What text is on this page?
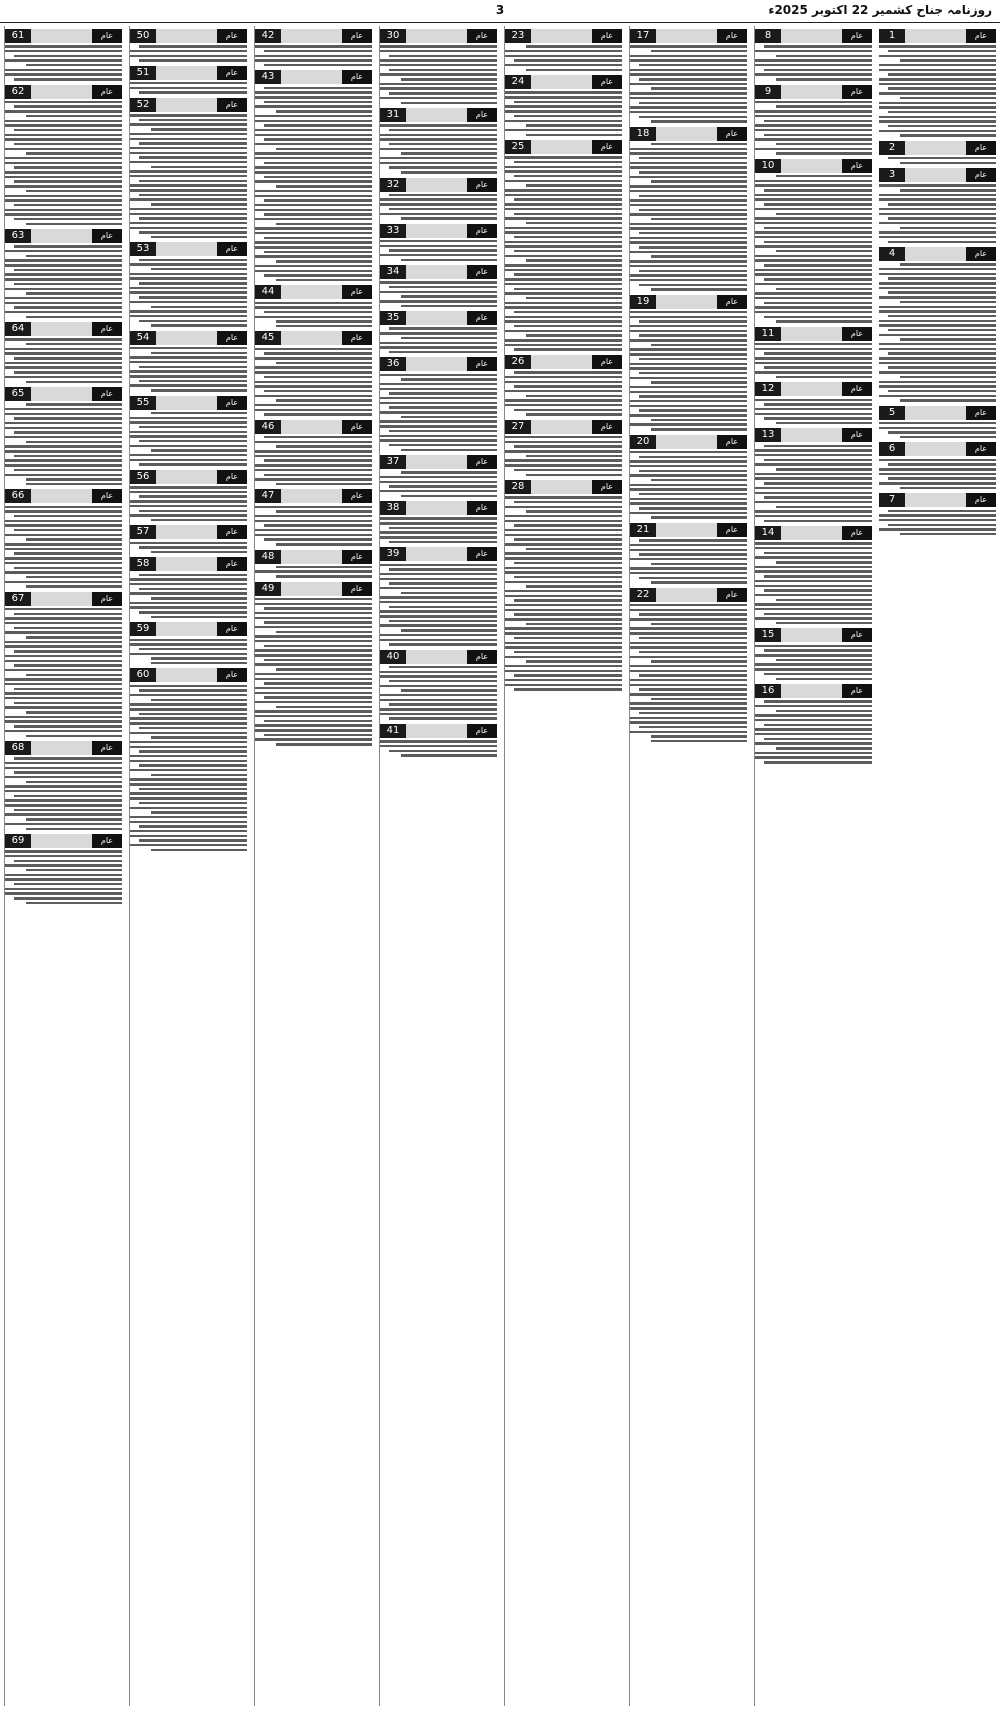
3	روزنامہ جناح کشمیر 22 اکتوبر 2025ء
1	عام
2	عام
3	عام
4	عام
5	عام
6	عام
7	عام
8	عام
9	عام
10	عام
11	عام
12	عام
13	عام
14	عام
15	عام
16	عام
17	عام
18	عام
19	عام
20	عام
21	عام
22	عام
23	عام
24	عام
25	عام
26	عام
27	عام
28	عام
30	عام
31	عام
32	عام
33	عام
34	عام
35	عام
36	عام
37	عام
38	عام
39	عام
40	عام
41	عام
42	عام
43	عام
44	عام
45	عام
46	عام
47	عام
48	عام
49	عام
50	عام
51	عام
52	عام
53	عام
54	عام
55	عام
56	عام
57	عام
58	عام
59	عام
60	عام
61	عام
62	عام
63	عام
64	عام
65	عام
66	عام
67	عام
68	عام
69	عام
